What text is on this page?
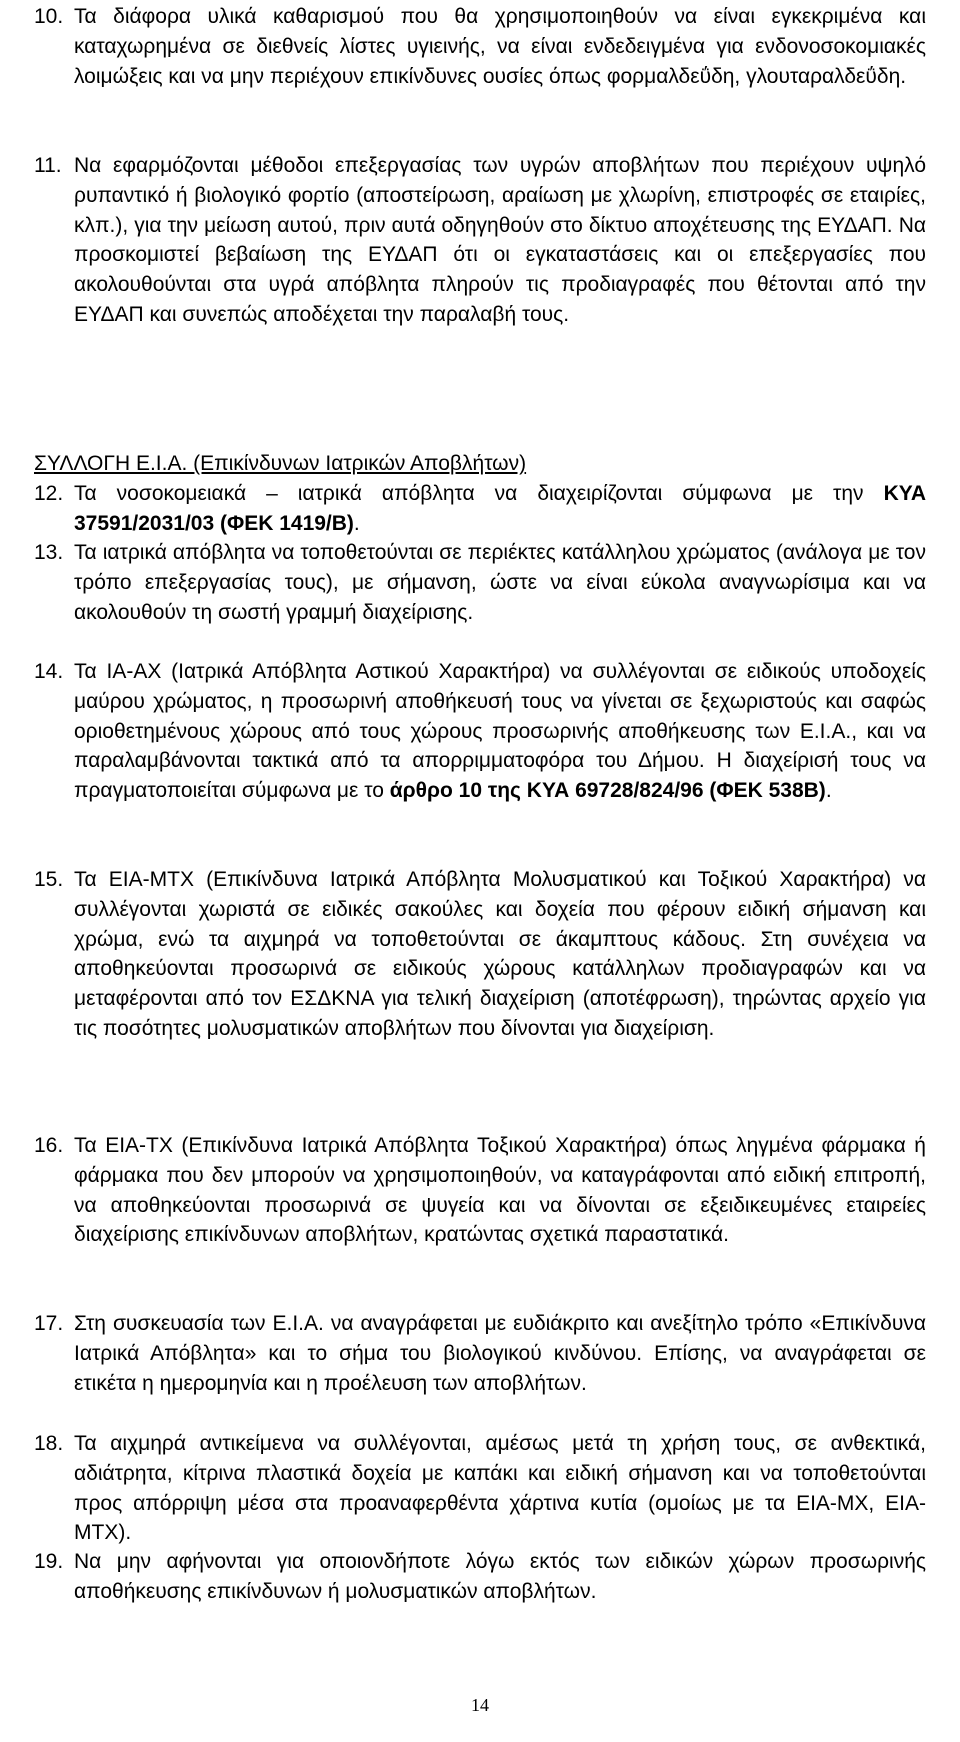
10. Τα διάφορα υλικά καθαρισμού που θα χρησιμοποιηθούν να είναι εγκεκριμένα και καταχωρημένα σε διεθνείς λίστες υγιεινής, να είναι ενδεδειγμένα για ενδονοσοκομιακές λοιμώξεις και να μην περιέχουν επικίνδυνες ουσίες όπως φορμαλδεΰδη, γλουταραλδεΰδη.
11. Να εφαρμόζονται μέθοδοι επεξεργασίας των υγρών αποβλήτων που περιέχουν υψηλό ρυπαντικό ή βιολογικό φορτίο (αποστείρωση, αραίωση με χλωρίνη, επιστροφές σε εταιρίες, κλπ.), για την μείωση αυτού, πριν αυτά οδηγηθούν στο δίκτυο αποχέτευσης της ΕΥΔΑΠ. Να προσκομιστεί βεβαίωση της ΕΥΔΑΠ ότι οι εγκαταστάσεις και οι επεξεργασίες που ακολουθούνται στα υγρά απόβλητα πληρούν τις προδιαγραφές που θέτονται από την ΕΥΔΑΠ και συνεπώς αποδέχεται την παραλαβή τους.
ΣΥΛΛΟΓΗ Ε.Ι.Α. (Επικίνδυνων Ιατρικών Αποβλήτων)
12. Τα νοσοκομειακά – ιατρικά απόβλητα να διαχειρίζονται σύμφωνα με την ΚΥΑ 37591/2031/03 (ΦΕΚ 1419/Β).
13. Τα ιατρικά απόβλητα να τοποθετούνται σε περιέκτες κατάλληλου χρώματος (ανάλογα με τον τρόπο επεξεργασίας τους), με σήμανση, ώστε να είναι εύκολα αναγνωρίσιμα και να ακολουθούν τη σωστή γραμμή διαχείρισης.
14. Τα ΙΑ-ΑΧ (Ιατρικά Απόβλητα Αστικού Χαρακτήρα) να συλλέγονται σε ειδικούς υποδοχείς μαύρου χρώματος, η προσωρινή αποθήκευσή τους να γίνεται σε ξεχωριστούς και σαφώς οριοθετημένους χώρους από τους χώρους προσωρινής αποθήκευσης των Ε.Ι.Α., και να παραλαμβάνονται τακτικά από τα απορριμματοφόρα του Δήμου. Η διαχείρισή τους να πραγματοποιείται σύμφωνα με το άρθρο 10 της ΚΥΑ 69728/824/96 (ΦΕΚ 538Β).
15. Τα ΕΙΑ-ΜΤΧ (Επικίνδυνα Ιατρικά Απόβλητα Μολυσματικού και Τοξικού Χαρακτήρα) να συλλέγονται χωριστά σε ειδικές σακούλες και δοχεία που φέρουν ειδική σήμανση και χρώμα, ενώ τα αιχμηρά να τοποθετούνται σε άκαμπτους κάδους. Στη συνέχεια να αποθηκεύονται προσωρινά σε ειδικούς χώρους κατάλληλων προδιαγραφών και να μεταφέρονται από τον ΕΣΔΚΝΑ για τελική διαχείριση (αποτέφρωση), τηρώντας αρχείο για τις ποσότητες μολυσματικών αποβλήτων που δίνονται για διαχείριση.
16. Τα ΕΙΑ-ΤΧ (Επικίνδυνα Ιατρικά Απόβλητα Τοξικού Χαρακτήρα) όπως ληγμένα φάρμακα ή φάρμακα που δεν μπορούν να χρησιμοποιηθούν, να καταγράφονται από ειδική επιτροπή, να αποθηκεύονται προσωρινά σε ψυγεία και να δίνονται σε εξειδικευμένες εταιρείες διαχείρισης επικίνδυνων αποβλήτων, κρατώντας σχετικά παραστατικά.
17. Στη συσκευασία των Ε.Ι.Α. να αναγράφεται με ευδιάκριτο και ανεξίτηλο τρόπο «Επικίνδυνα Ιατρικά Απόβλητα» και το σήμα του βιολογικού κινδύνου. Επίσης, να αναγράφεται σε ετικέτα η ημερομηνία και η προέλευση των αποβλήτων.
18. Τα αιχμηρά αντικείμενα να συλλέγονται, αμέσως μετά τη χρήση τους, σε ανθεκτικά, αδιάτρητα, κίτρινα πλαστικά δοχεία με καπάκι και ειδική σήμανση και να τοποθετούνται προς απόρριψη μέσα στα προαναφερθέντα χάρτινα κυτία (ομοίως με τα ΕΙΑ-ΜΧ, ΕΙΑ-ΜΤΧ).
19. Να μην αφήνονται για οποιονδήποτε λόγω εκτός των ειδικών χώρων προσωρινής αποθήκευσης επικίνδυνων ή μολυσματικών αποβλήτων.
14
